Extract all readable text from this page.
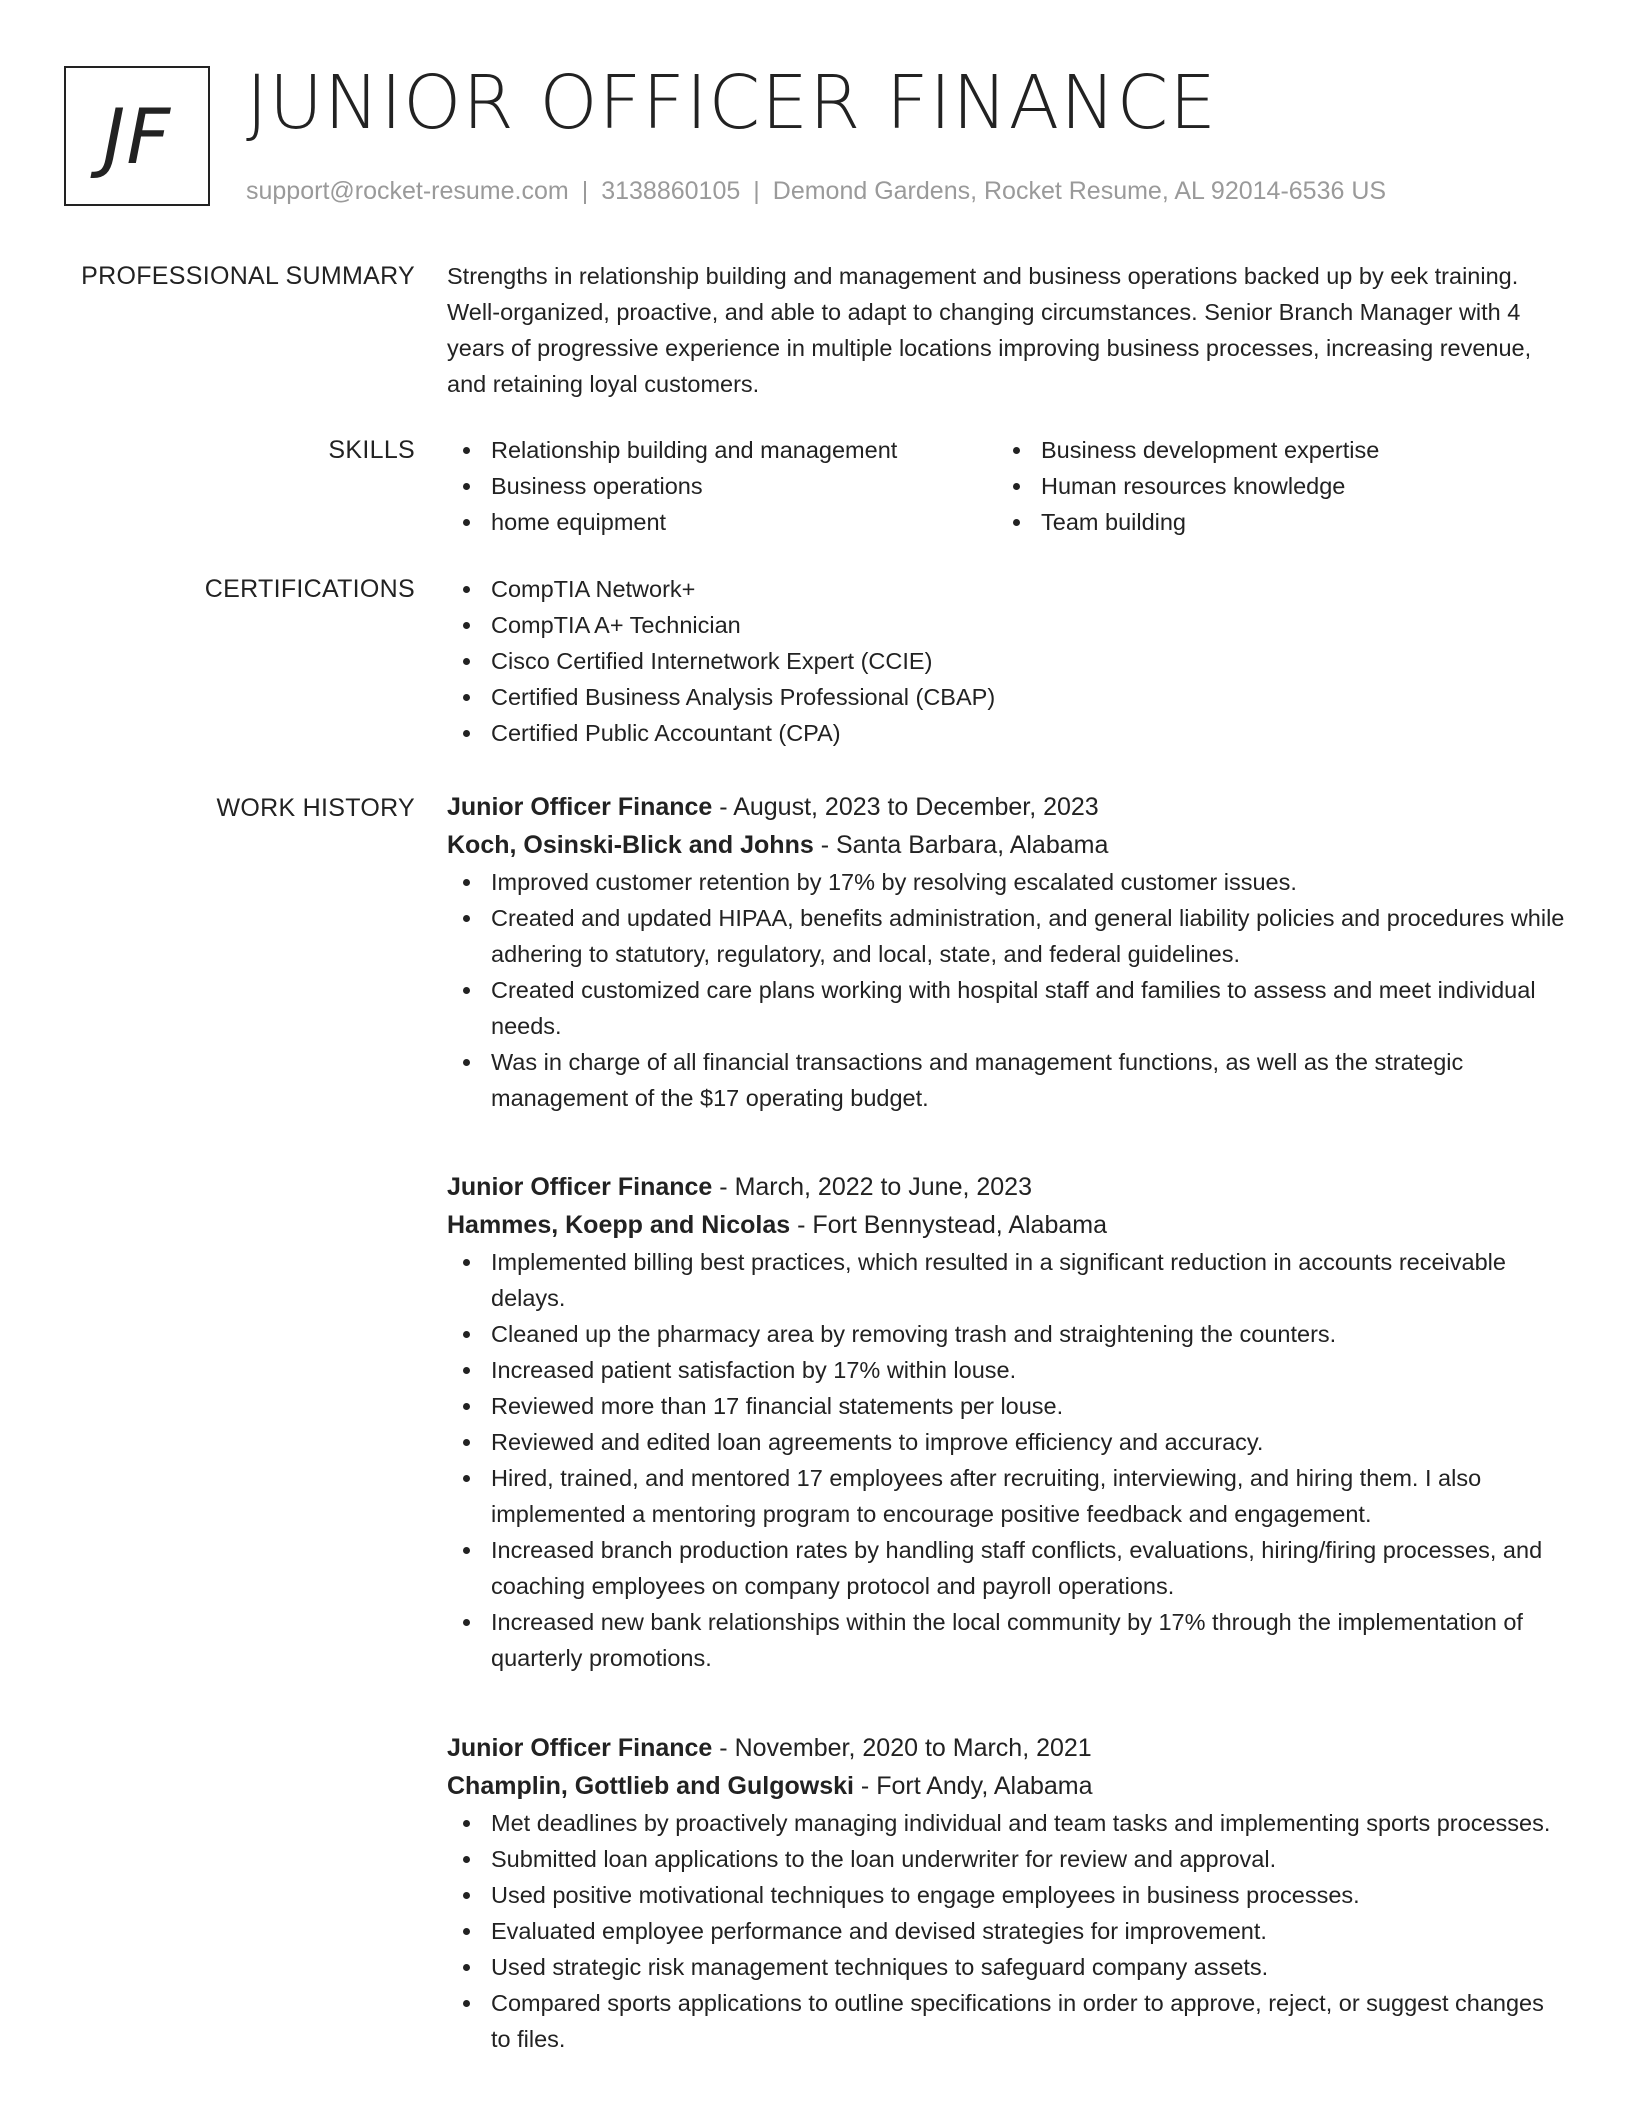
JF	JUNIOR OFFICER FINANCE
support@rocket-resume.com | 3138860105 | Demond Gardens, Rocket Resume, AL 92014-6536 US
PROFESSIONAL SUMMARY Strengths in relationship building and management and business operations backed up by eek training. Well-organized, proactive, and able to adapt to changing circumstances. Senior Branch Manager with 4 years of progressive experience in multiple locations improving business processes, increasing revenue, and retaining loyal customers.

SKILLS	Relationship building and management
Business operations
home equipment
Business development expertise
Human resources knowledge
Team building
CERTIFICATIONS	CompTIA Network+
CompTIA A+ Technician
Cisco Certified Internetwork Expert (CCIE)
Certified Business Analysis Professional (CBAP)
Certified Public Accountant (CPA)
WORK HISTORY Junior Officer Finance - August, 2023 to December, 2023
Koch, Osinski-Blick and Johns - Santa Barbara, Alabama
Improved customer retention by 17% by resolving escalated customer issues.
Created and updated HIPAA, benefits administration, and general liability policies and procedures while adhering to statutory, regulatory, and local, state, and federal guidelines.
Created customized care plans working with hospital staff and families to assess and meet individual needs.
Was in charge of all financial transactions and management functions, as well as the strategic management of the $17 operating budget.
Junior Officer Finance - March, 2022 to June, 2023
Hammes, Koepp and Nicolas - Fort Bennystead, Alabama
Implemented billing best practices, which resulted in a significant reduction in accounts receivable delays.
Cleaned up the pharmacy area by removing trash and straightening the counters.
Increased patient satisfaction by 17% within louse.
Reviewed more than 17 financial statements per louse.
Reviewed and edited loan agreements to improve efficiency and accuracy.
Hired, trained, and mentored 17 employees after recruiting, interviewing, and hiring them. I also implemented a mentoring program to encourage positive feedback and engagement.
Increased branch production rates by handling staff conflicts, evaluations, hiring/firing processes, and coaching employees on company protocol and payroll operations.
Increased new bank relationships within the local community by 17% through the implementation of quarterly promotions.
Junior Officer Finance - November, 2020 to March, 2021
Champlin, Gottlieb and Gulgowski - Fort Andy, Alabama
Met deadlines by proactively managing individual and team tasks and implementing sports processes.
Submitted loan applications to the loan underwriter for review and approval.
Used positive motivational techniques to engage employees in business processes.
Evaluated employee performance and devised strategies for improvement.
Used strategic risk management techniques to safeguard company assets.
Compared sports applications to outline specifications in order to approve, reject, or suggest changes to files.
